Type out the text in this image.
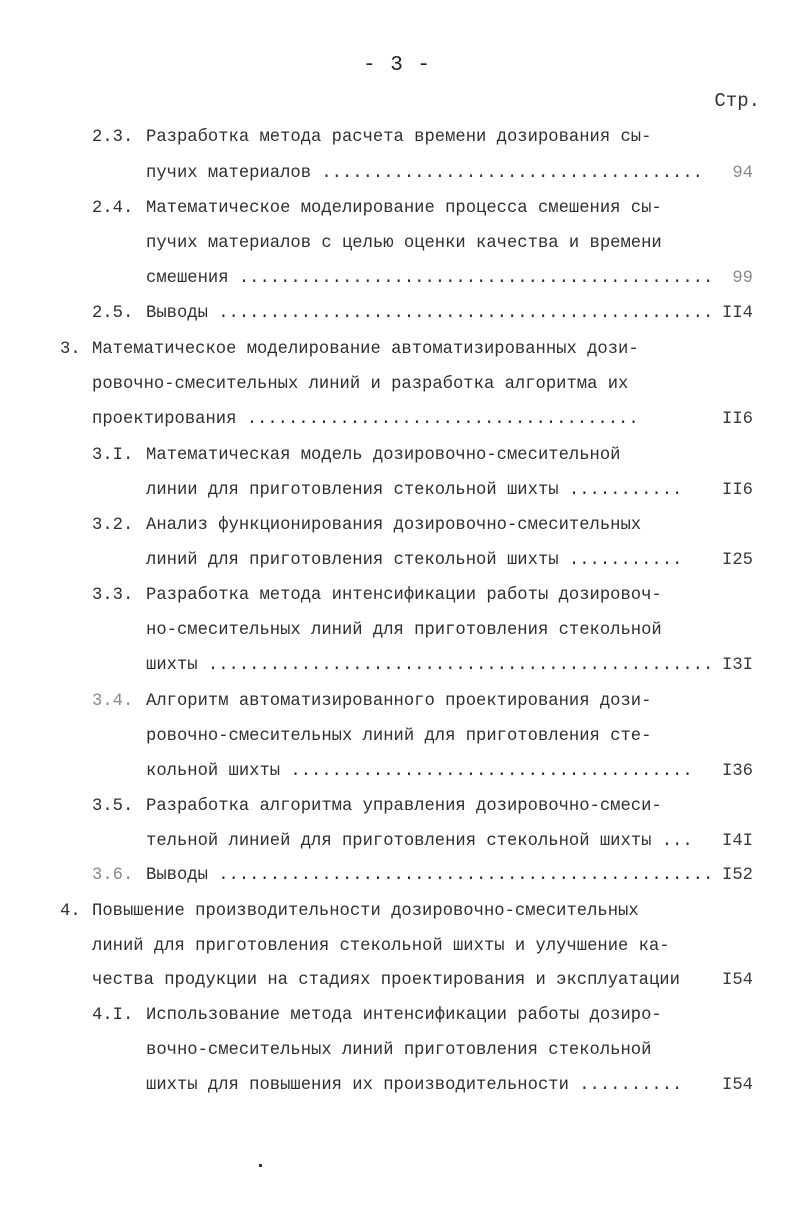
- 3 -
Стр.
2.3. Разработка метода расчета времени дозирования сы-
пучих материалов ..................................... 94
2.4. Математическое моделирование процесса смешения сы-
пучих материалов с целью оценки качества и времени
смешения .............................................. 99
2.5. Выводы ................................................ II4
3. Математическое моделирование автоматизированных дози-
ровочно-смесительных линий и разработка алгоритма их
проектирования ......................................	II6
3.I. Математическая модель дозировочно-смесительной
линии для приготовления стекольной шихты ........... II6
3.2. Анализ функционирования дозировочно-смесительных
линий для приготовления стекольной шихты ........... I25
3.3. Разработка метода интенсификации работы дозировоч-
но-смесительных линий для приготовления стекольной
шихты ................................................. I3I
3.4. Алгоритм автоматизированного проектирования дози-
ровочно-смесительных линий для приготовления сте-
кольной шихты ....................................... I36
3.5. Разработка алгоритма управления дозировочно-смеси-
тельной линией для приготовления стекольной шихты ... I4I
3.6. Выводы ................................................ I52
4. Повышение производительности дозировочно-смесительных
линий для приготовления стекольной шихты и улучшение ка-
чества продукции на стадиях проектирования и эксплуатации I54
4.I. Использование метода интенсификации работы дозиро-
вочно-смесительных линий приготовления стекольной
шихты для повышения их производительности .......... I54
